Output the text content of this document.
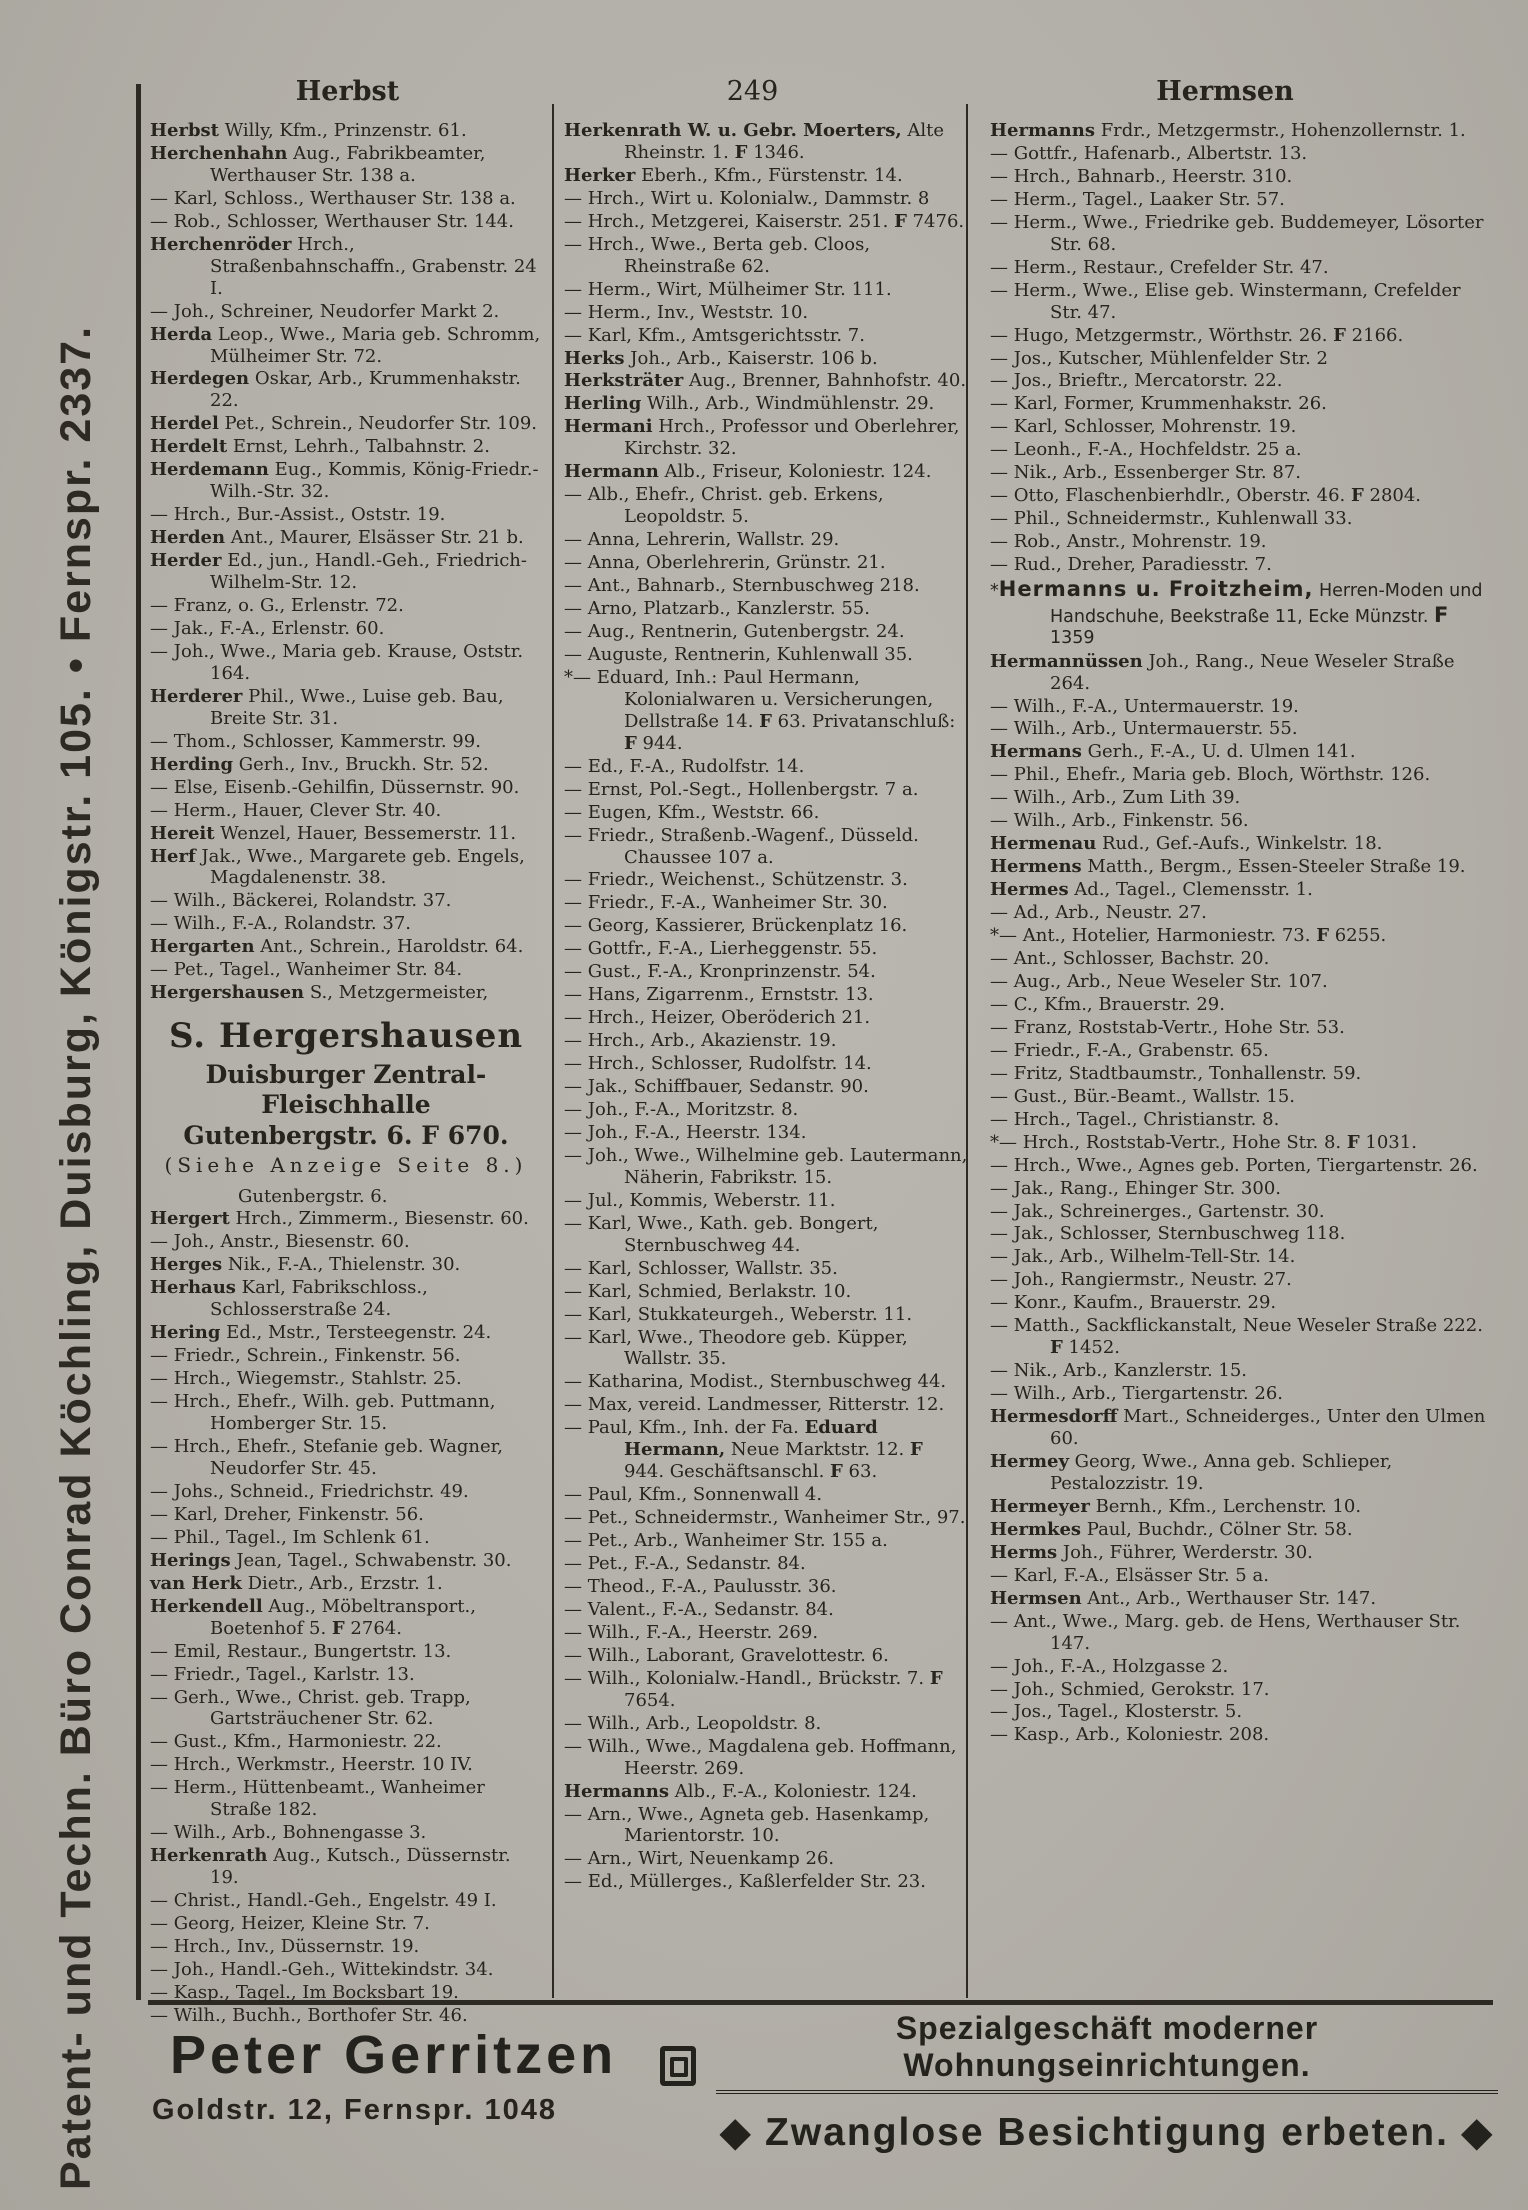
Patent- und Techn. Büro Conrad Köchling, Duisburg, Königstr. 105. • Fernspr. 2337.
Herbst	249	Hermsen
Herbst Willy, Kfm., Prinzenstr. 61.
Herchenhahn Aug., Fabrikbeamter, Werthauser Str. 138 a.
— Karl, Schloss., Werthauser Str. 138 a.
— Rob., Schlosser, Werthauser Str. 144.
Herchenröder Hrch., Straßenbahnschaffn., Grabenstr. 24 I.
— Joh., Schreiner, Neudorfer Markt 2.
Herda Leop., Wwe., Maria geb. Schromm, Mülheimer Str. 72.
Herdegen Oskar, Arb., Krummenhakstr. 22.
Herdel Pet., Schrein., Neudorfer Str. 109.
Herdelt Ernst, Lehrh., Talbahnstr. 2.
Herdemann Eug., Kommis, König-Friedr.-Wilh.-Str. 32.
— Hrch., Bur.-Assist., Oststr. 19.
Herden Ant., Maurer, Elsässer Str. 21 b.
Herder Ed., jun., Handl.-Geh., Friedrich-Wilhelm-Str. 12.
— Franz, o. G., Erlenstr. 72.
— Jak., F.-A., Erlenstr. 60.
— Joh., Wwe., Maria geb. Krause, Oststr. 164.
Herderer Phil., Wwe., Luise geb. Bau, Breite Str. 31.
— Thom., Schlosser, Kammerstr. 99.
Herding Gerh., Inv., Bruckh. Str. 52.
— Else, Eisenb.-Gehilfin, Düssernstr. 90.
— Herm., Hauer, Clever Str. 40.
Hereit Wenzel, Hauer, Bessemerstr. 11.
Herf Jak., Wwe., Margarete geb. Engels, Magdalenenstr. 38.
— Wilh., Bäckerei, Rolandstr. 37.
— Wilh., F.-A., Rolandstr. 37.
Hergarten Ant., Schrein., Haroldstr. 64.
— Pet., Tagel., Wanheimer Str. 84.
Hergershausen S., Metzgermeister,
S. Hergershausen
Duisburger Zentral-Fleischhalle
Gutenbergstr. 6. F 670.
(Siehe Anzeige Seite 8.)
Gutenbergstr. 6.
Hergert Hrch., Zimmerm., Biesenstr. 60.
— Joh., Anstr., Biesenstr. 60.
Herges Nik., F.-A., Thielenstr. 30.
Herhaus Karl, Fabrikschloss., Schlosserstraße 24.
Hering Ed., Mstr., Tersteegenstr. 24.
— Friedr., Schrein., Finkenstr. 56.
— Hrch., Wiegemstr., Stahlstr. 25.
— Hrch., Ehefr., Wilh. geb. Puttmann, Homberger Str. 15.
— Hrch., Ehefr., Stefanie geb. Wagner, Neudorfer Str. 45.
— Johs., Schneid., Friedrichstr. 49.
— Karl, Dreher, Finkenstr. 56.
— Phil., Tagel., Im Schlenk 61.
Herings Jean, Tagel., Schwabenstr. 30.
van Herk Dietr., Arb., Erzstr. 1.
Herkendell Aug., Möbeltransport., Boetenhof 5. F 2764.
— Emil, Restaur., Bungertstr. 13.
— Friedr., Tagel., Karlstr. 13.
— Gerh., Wwe., Christ. geb. Trapp, Gartsträuchener Str. 62.
— Gust., Kfm., Harmoniestr. 22.
— Hrch., Werkmstr., Heerstr. 10 IV.
— Herm., Hüttenbeamt., Wanheimer Straße 182.
— Wilh., Arb., Bohnengasse 3.
Herkenrath Aug., Kutsch., Düssernstr. 19.
— Christ., Handl.-Geh., Engelstr. 49 I.
— Georg, Heizer, Kleine Str. 7.
— Hrch., Inv., Düssernstr. 19.
— Joh., Handl.-Geh., Wittekindstr. 34.
— Kasp., Tagel., Im Bocksbart 19.
— Wilh., Buchh., Borthofer Str. 46.
Herkenrath W. u. Gebr. Moerters, Alte Rheinstr. 1. F 1346.
Herker Eberh., Kfm., Fürstenstr. 14.
— Hrch., Wirt u. Kolonialw., Dammstr. 8
— Hrch., Metzgerei, Kaiserstr. 251. F 7476.
— Hrch., Wwe., Berta geb. Cloos, Rheinstraße 62.
— Herm., Wirt, Mülheimer Str. 111.
— Herm., Inv., Weststr. 10.
— Karl, Kfm., Amtsgerichtsstr. 7.
Herks Joh., Arb., Kaiserstr. 106 b.
Herksträter Aug., Brenner, Bahnhofstr. 40.
Herling Wilh., Arb., Windmühlenstr. 29.
Hermani Hrch., Professor und Oberlehrer, Kirchstr. 32.
Hermann Alb., Friseur, Koloniestr. 124.
— Alb., Ehefr., Christ. geb. Erkens, Leopoldstr. 5.
— Anna, Lehrerin, Wallstr. 29.
— Anna, Oberlehrerin, Grünstr. 21.
— Ant., Bahnarb., Sternbuschweg 218.
— Arno, Platzarb., Kanzlerstr. 55.
— Aug., Rentnerin, Gutenbergstr. 24.
— Auguste, Rentnerin, Kuhlenwall 35.
*— Eduard, Inh.: Paul Hermann, Kolonialwaren u. Versicherungen, Dellstraße 14. F 63. Privatanschluß: F 944.
— Ed., F.-A., Rudolfstr. 14.
— Ernst, Pol.-Segt., Hollenbergstr. 7 a.
— Eugen, Kfm., Weststr. 66.
— Friedr., Straßenb.-Wagenf., Düsseld. Chaussee 107 a.
— Friedr., Weichenst., Schützenstr. 3.
— Friedr., F.-A., Wanheimer Str. 30.
— Georg, Kassierer, Brückenplatz 16.
— Gottfr., F.-A., Lierheggenstr. 55.
— Gust., F.-A., Kronprinzenstr. 54.
— Hans, Zigarrenm., Ernststr. 13.
— Hrch., Heizer, Oberöderich 21.
— Hrch., Arb., Akazienstr. 19.
— Hrch., Schlosser, Rudolfstr. 14.
— Jak., Schiffbauer, Sedanstr. 90.
— Joh., F.-A., Moritzstr. 8.
— Joh., F.-A., Heerstr. 134.
— Joh., Wwe., Wilhelmine geb. Lautermann, Näherin, Fabrikstr. 15.
— Jul., Kommis, Weberstr. 11.
— Karl, Wwe., Kath. geb. Bongert, Sternbuschweg 44.
— Karl, Schlosser, Wallstr. 35.
— Karl, Schmied, Berlakstr. 10.
— Karl, Stukkateurgeh., Weberstr. 11.
— Karl, Wwe., Theodore geb. Küpper, Wallstr. 35.
— Katharina, Modist., Sternbuschweg 44.
— Max, vereid. Landmesser, Ritterstr. 12.
— Paul, Kfm., Inh. der Fa. Eduard Hermann, Neue Marktstr. 12. F 944. Geschäftsanschl. F 63.
— Paul, Kfm., Sonnenwall 4.
— Pet., Schneidermstr., Wanheimer Str., 97.
— Pet., Arb., Wanheimer Str. 155 a.
— Pet., F.-A., Sedanstr. 84.
— Theod., F.-A., Paulusstr. 36.
— Valent., F.-A., Sedanstr. 84.
— Wilh., F.-A., Heerstr. 269.
— Wilh., Laborant, Gravelottestr. 6.
— Wilh., Kolonialw.-Handl., Brückstr. 7. F 7654.
— Wilh., Arb., Leopoldstr. 8.
— Wilh., Wwe., Magdalena geb. Hoffmann, Heerstr. 269.
Hermanns Alb., F.-A., Koloniestr. 124.
— Arn., Wwe., Agneta geb. Hasenkamp, Marientorstr. 10.
— Arn., Wirt, Neuenkamp 26.
— Ed., Müllerges., Kaßlerfelder Str. 23.
Hermanns Frdr., Metzgermstr., Hohenzollernstr. 1.
— Gottfr., Hafenarb., Albertstr. 13.
— Hrch., Bahnarb., Heerstr. 310.
— Herm., Tagel., Laaker Str. 57.
— Herm., Wwe., Friedrike geb. Buddemeyer, Lösorter Str. 68.
— Herm., Restaur., Crefelder Str. 47.
— Herm., Wwe., Elise geb. Winstermann, Crefelder Str. 47.
— Hugo, Metzgermstr., Wörthstr. 26. F 2166.
— Jos., Kutscher, Mühlenfelder Str. 2
— Jos., Brieftr., Mercatorstr. 22.
— Karl, Former, Krummenhakstr. 26.
— Karl, Schlosser, Mohrenstr. 19.
— Leonh., F.-A., Hochfeldstr. 25 a.
— Nik., Arb., Essenberger Str. 87.
— Otto, Flaschenbierhdlr., Oberstr. 46. F 2804.
— Phil., Schneidermstr., Kuhlenwall 33.
— Rob., Anstr., Mohrenstr. 19.
— Rud., Dreher, Paradiesstr. 7.
*Hermanns u. Froitzheim, Herren-Moden und Handschuhe, Beekstraße 11, Ecke Münzstr. F 1359
Hermannüssen Joh., Rang., Neue Weseler Straße 264.
— Wilh., F.-A., Untermauerstr. 19.
— Wilh., Arb., Untermauerstr. 55.
Hermans Gerh., F.-A., U. d. Ulmen 141.
— Phil., Ehefr., Maria geb. Bloch, Wörthstr. 126.
— Wilh., Arb., Zum Lith 39.
— Wilh., Arb., Finkenstr. 56.
Hermenau Rud., Gef.-Aufs., Winkelstr. 18.
Hermens Matth., Bergm., Essen-Steeler Straße 19.
Hermes Ad., Tagel., Clemensstr. 1.
— Ad., Arb., Neustr. 27.
*— Ant., Hotelier, Harmoniestr. 73. F 6255.
— Ant., Schlosser, Bachstr. 20.
— Aug., Arb., Neue Weseler Str. 107.
— C., Kfm., Brauerstr. 29.
— Franz, Roststab-Vertr., Hohe Str. 53.
— Friedr., F.-A., Grabenstr. 65.
— Fritz, Stadtbaumstr., Tonhallenstr. 59.
— Gust., Bür.-Beamt., Wallstr. 15.
— Hrch., Tagel., Christianstr. 8.
*— Hrch., Roststab-Vertr., Hohe Str. 8. F 1031.
— Hrch., Wwe., Agnes geb. Porten, Tiergartenstr. 26.
— Jak., Rang., Ehinger Str. 300.
— Jak., Schreinerges., Gartenstr. 30.
— Jak., Schlosser, Sternbuschweg 118.
— Jak., Arb., Wilhelm-Tell-Str. 14.
— Joh., Rangiermstr., Neustr. 27.
— Konr., Kaufm., Brauerstr. 29.
— Matth., Sackflickanstalt, Neue Weseler Straße 222. F 1452.
— Nik., Arb., Kanzlerstr. 15.
— Wilh., Arb., Tiergartenstr. 26.
Hermesdorff Mart., Schneiderges., Unter den Ulmen 60.
Hermey Georg, Wwe., Anna geb. Schlieper, Pestalozzistr. 19.
Hermeyer Bernh., Kfm., Lerchenstr. 10.
Hermkes Paul, Buchdr., Cölner Str. 58.
Herms Joh., Führer, Werderstr. 30.
— Karl, F.-A., Elsässer Str. 5 a.
Hermsen Ant., Arb., Werthauser Str. 147.
— Ant., Wwe., Marg. geb. de Hens, Werthauser Str. 147.
— Joh., F.-A., Holzgasse 2.
— Joh., Schmied, Gerokstr. 17.
— Jos., Tagel., Klosterstr. 5.
— Kasp., Arb., Koloniestr. 208.
Peter Gerritzen
Goldstr. 12, Fernspr. 1048
Spezialgeschäft moderner Wohnungseinrichtungen.
◆ Zwanglose Besichtigung erbeten. ◆
